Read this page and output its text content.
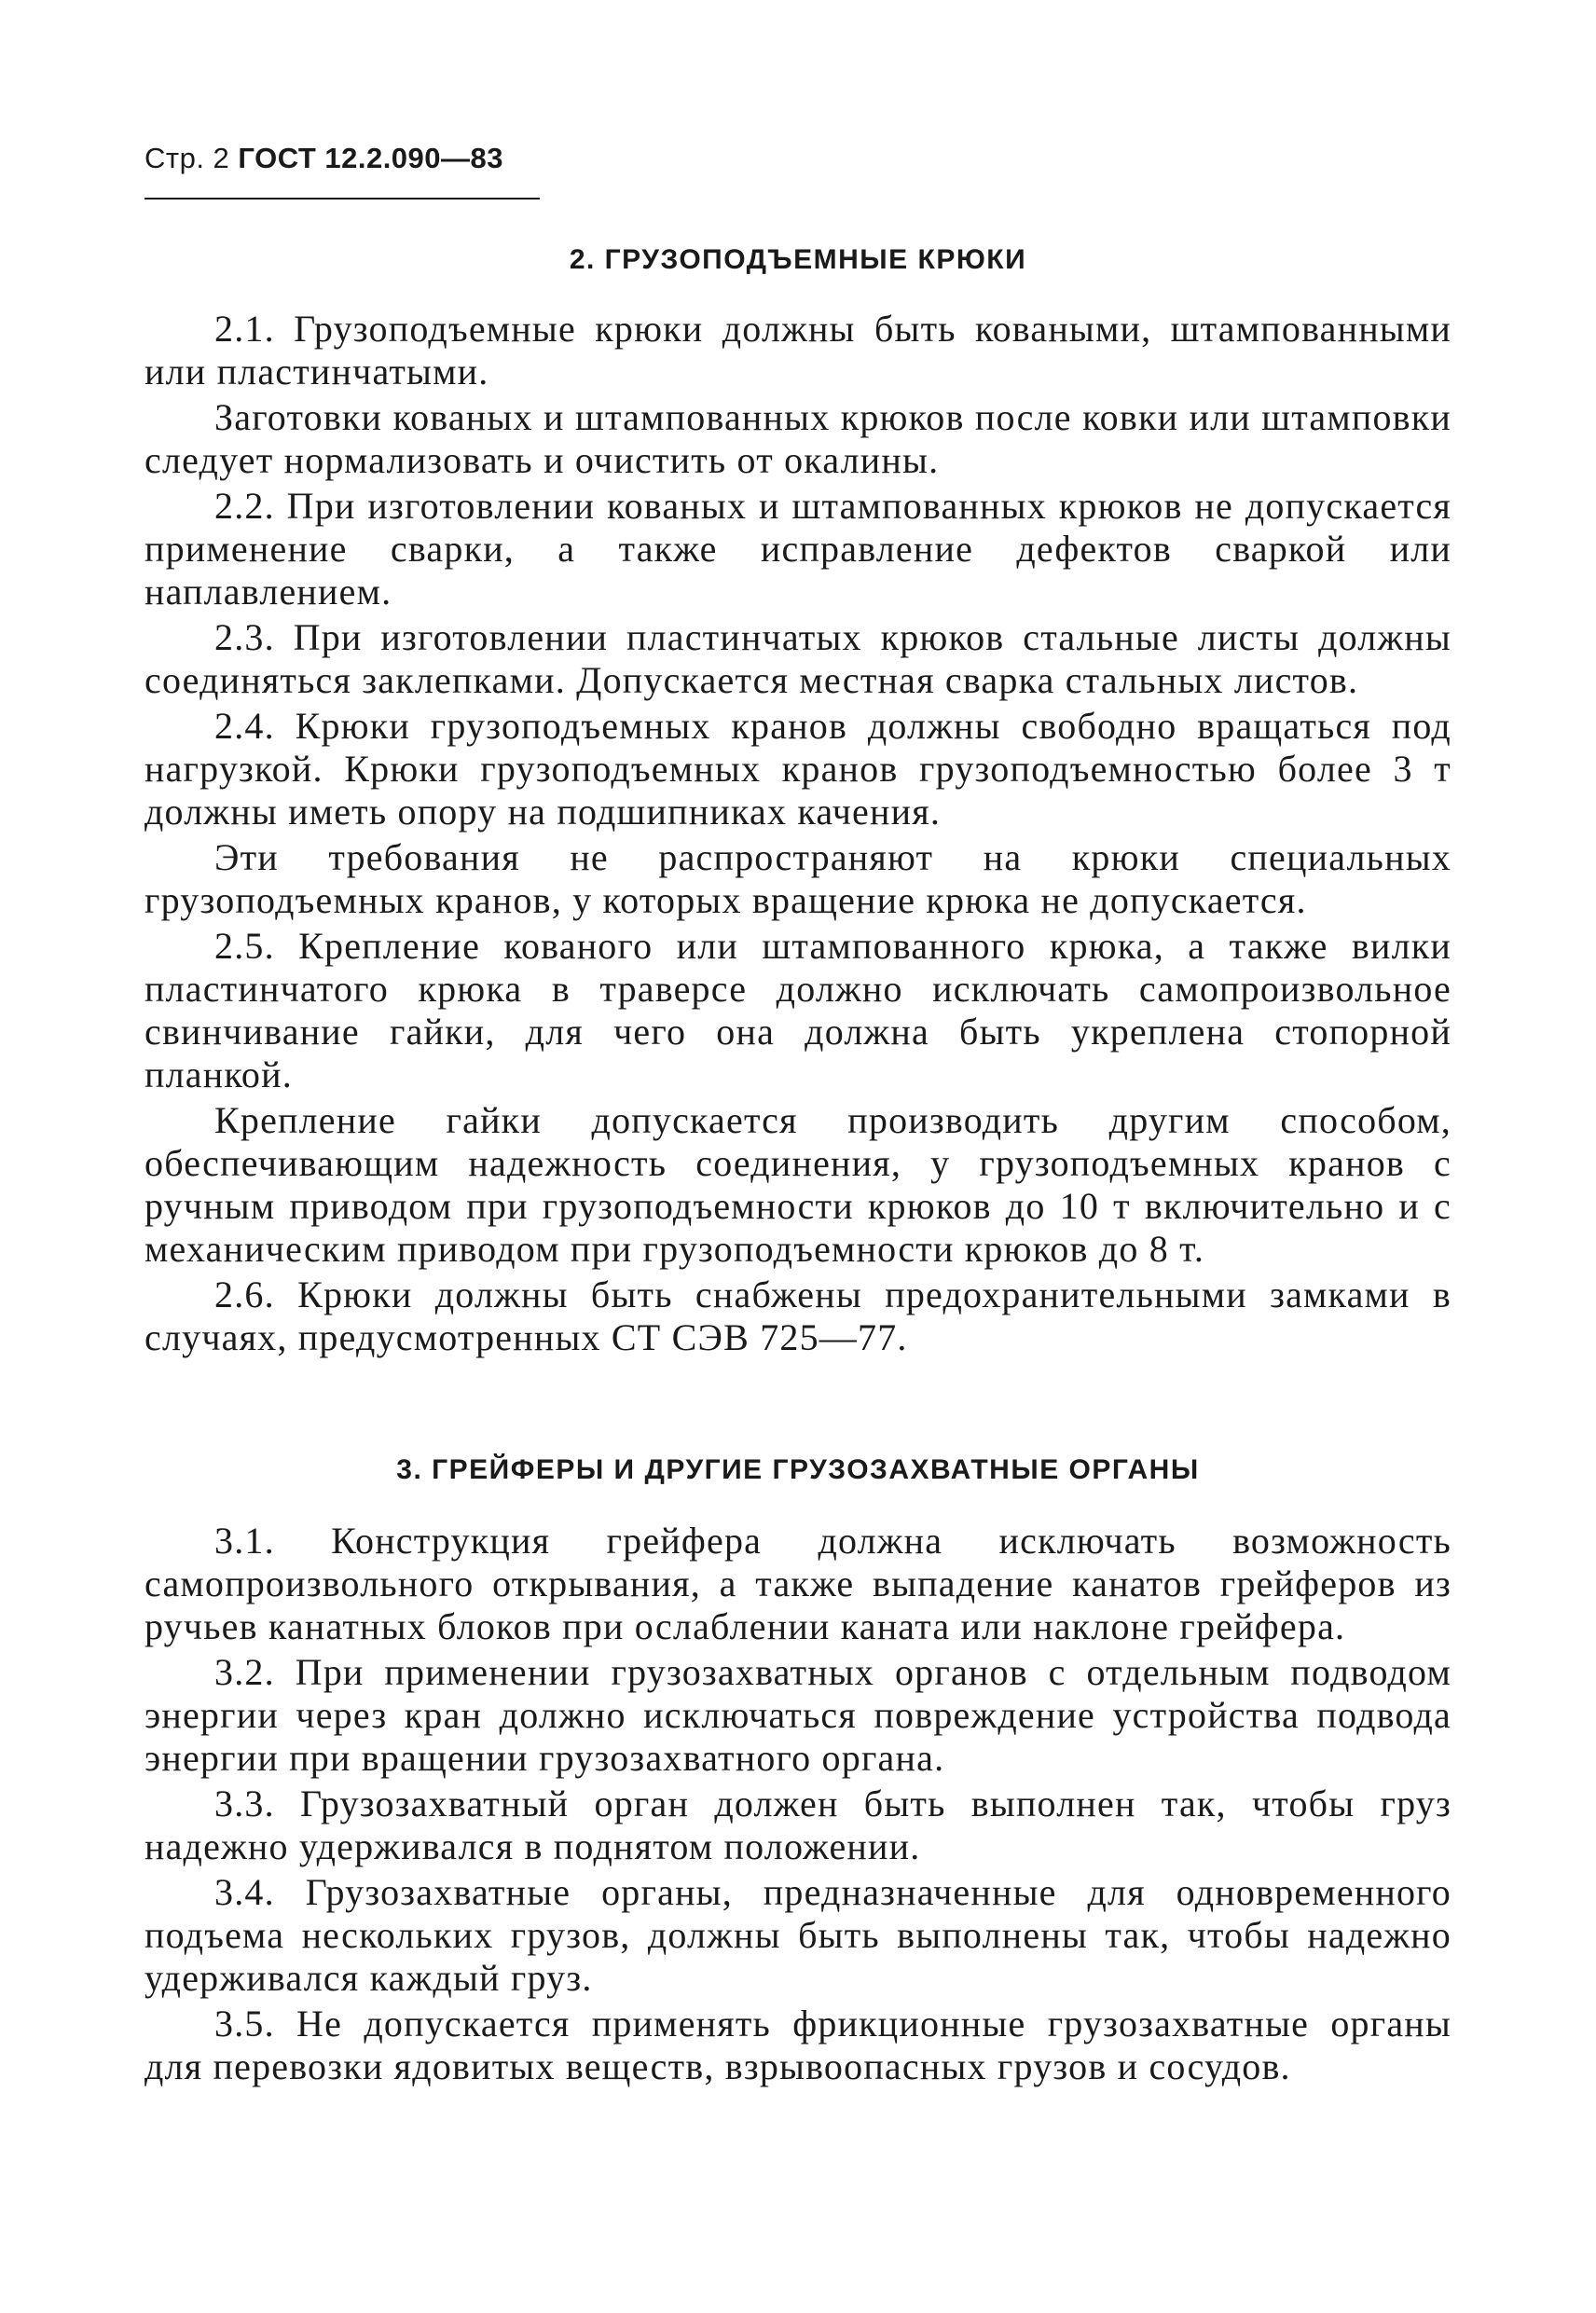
Стр. 2 ГОСТ 12.2.090—83
2. ГРУЗОПОДЪЕМНЫЕ КРЮКИ

2.1. Грузоподъемные крюки должны быть коваными, штампованными или пластинчатыми.

Заготовки кованых и штампованных крюков после ковки или штамповки следует нормализовать и очистить от окалины.

2.2. При изготовлении кованых и штампованных крюков не допускается применение сварки, а также исправление дефектов сваркой или наплавлением.

2.3. При изготовлении пластинчатых крюков стальные листы должны соединяться заклепками. Допускается местная сварка стальных листов.

2.4. Крюки грузоподъемных кранов должны свободно вращаться под нагрузкой. Крюки грузоподъемных кранов грузоподъемностью более 3 т должны иметь опору на подшипниках качения.

Эти требования не распространяют на крюки специальных грузоподъемных кранов, у которых вращение крюка не допускается.

2.5. Крепление кованого или штампованного крюка, а также вилки пластинчатого крюка в траверсе должно исключать самопроизвольное свинчивание гайки, для чего она должна быть укреплена стопорной планкой.

Крепление гайки допускается производить другим способом, обеспечивающим надежность соединения, у грузоподъемных кранов с ручным приводом при грузоподъемности крюков до 10 т включительно и с механическим приводом при грузоподъемности крюков до 8 т.

2.6. Крюки должны быть снабжены предохранительными замками в случаях, предусмотренных СТ СЭВ 725—77.

3. ГРЕЙФЕРЫ И ДРУГИЕ ГРУЗОЗАХВАТНЫЕ ОРГАНЫ

3.1. Конструкция грейфера должна исключать возможность самопроизвольного открывания, а также выпадение канатов грейферов из ручьев канатных блоков при ослаблении каната или наклоне грейфера.

3.2. При применении грузозахватных органов с отдельным подводом энергии через кран должно исключаться повреждение устройства подвода энергии при вращении грузозахватного органа.

3.3. Грузозахватный орган должен быть выполнен так, чтобы груз надежно удерживался в поднятом положении.

3.4. Грузозахватные органы, предназначенные для одновременного подъема нескольких грузов, должны быть выполнены так, чтобы надежно удерживался каждый груз.

3.5. Не допускается применять фрикционные грузозахватные органы для перевозки ядовитых веществ, взрывоопасных грузов и сосудов.
